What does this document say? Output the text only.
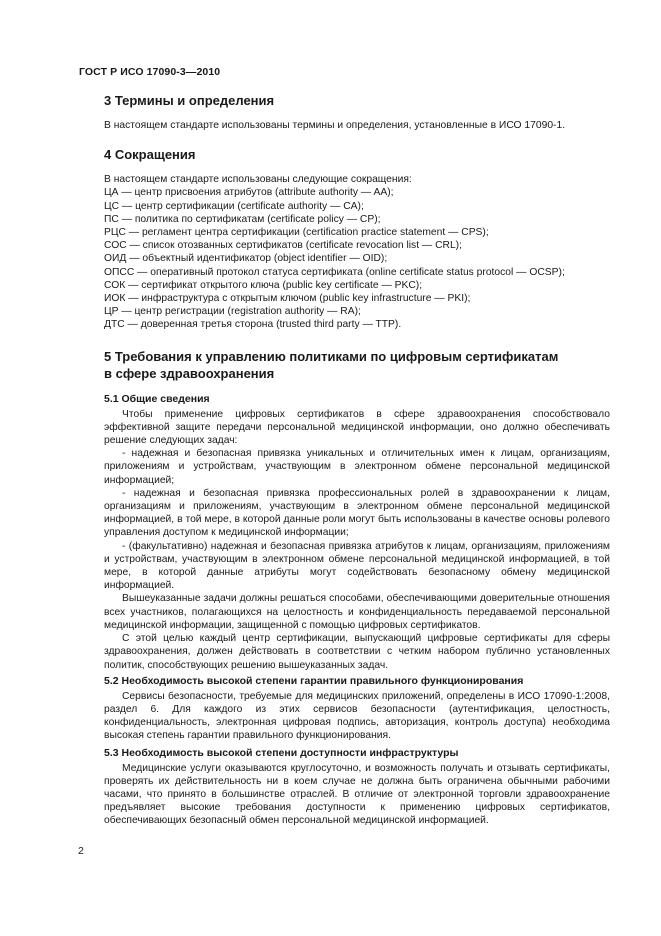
ГОСТ Р ИСО 17090-3—2010
3 Термины и определения
В настоящем стандарте использованы термины и определения, установленные в ИСО 17090-1.
4 Сокращения
В настоящем стандарте использованы следующие сокращения:
ЦА — центр присвоения атрибутов (attribute authority — AA);
ЦС — центр сертификации (certificate authority — CA);
ПС — политика по сертификатам (certificate policy — CP);
РЦС — регламент центра сертификации (certification practice statement — CPS);
СОС — список отозванных сертификатов (certificate revocation list — CRL);
ОИД — объектный идентификатор (object identifier — OID);
ОПСС — оперативный протокол статуса сертификата (online certificate status protocol — OCSP);
СОК — сертификат открытого ключа (public key certificate — PKC);
ИОК — инфраструктура с открытым ключом (public key infrastructure — PKI);
ЦР — центр регистрации (registration authority — RA);
ДТС — доверенная третья сторона (trusted third party — TTP).
5 Требования к управлению политиками по цифровым сертификатам
в сфере здравоохранения
5.1 Общие сведения
Чтобы применение цифровых сертификатов в сфере здравоохранения способствовало эффективной защите передачи персональной медицинской информации, оно должно обеспечивать решение следующих задач:
- надежная и безопасная привязка уникальных и отличительных имен к лицам, организациям, приложениям и устройствам, участвующим в электронном обмене персональной медицинской информацией;
- надежная и безопасная привязка профессиональных ролей в здравоохранении к лицам, организациям и приложениям, участвующим в электронном обмене персональной медицинской информацией, в той мере, в которой данные роли могут быть использованы в качестве основы ролевого управления доступом к медицинской информации;
- (факультативно) надежная и безопасная привязка атрибутов к лицам, организациям, приложениям и устройствам, участвующим в электронном обмене персональной медицинской информацией, в той мере, в которой данные атрибуты могут содействовать безопасному обмену медицинской информацией.
Вышеуказанные задачи должны решаться способами, обеспечивающими доверительные отношения всех участников, полагающихся на целостность и конфиденциальность передаваемой персональной медицинской информации, защищенной с помощью цифровых сертификатов.
С этой целью каждый центр сертификации, выпускающий цифровые сертификаты для сферы здравоохранения, должен действовать в соответствии с четким набором публично установленных политик, способствующих решению вышеуказанных задач.
5.2 Необходимость высокой степени гарантии правильного функционирования
Сервисы безопасности, требуемые для медицинских приложений, определены в ИСО 17090-1:2008, раздел 6. Для каждого из этих сервисов безопасности (аутентификация, целостность, конфиденциальность, электронная цифровая подпись, авторизация, контроль доступа) необходима высокая степень гарантии правильного функционирования.
5.3 Необходимость высокой степени доступности инфраструктуры
Медицинские услуги оказываются круглосуточно, и возможность получать и отзывать сертификаты, проверять их действительность ни в коем случае не должна быть ограничена обычными рабочими часами, что принято в большинстве отраслей. В отличие от электронной торговли здравоохранение предъявляет высокие требования доступности к применению цифровых сертификатов, обеспечивающих безопасный обмен персональной медицинской информацией.
2
